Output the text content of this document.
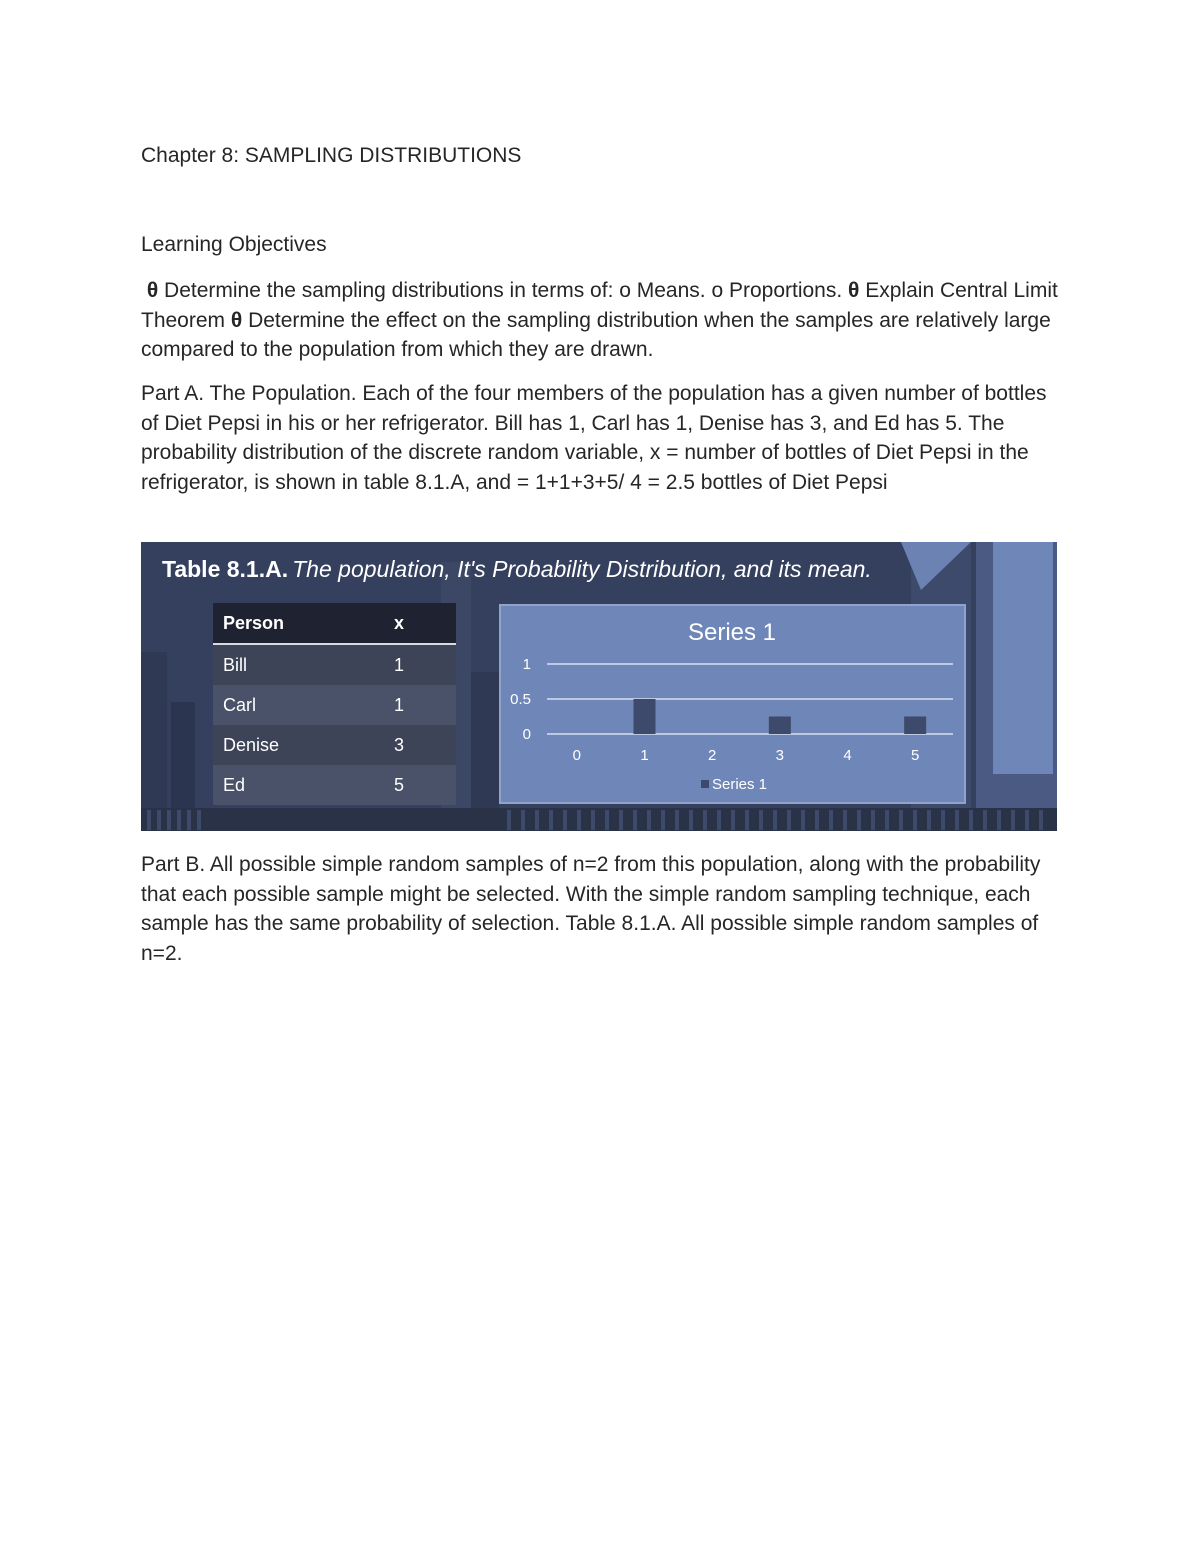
Chapter 8: SAMPLING DISTRIBUTIONS
Learning Objectives
θ Determine the sampling distributions in terms of: o Means. o Proportions. θ Explain Central Limit Theorem θ Determine the effect on the sampling distribution when the samples are relatively large compared to the population from which they are drawn.
Part A. The Population. Each of the four members of the population has a given number of bottles of Diet Pepsi in his or her refrigerator. Bill has 1, Carl has 1, Denise has 3, and Ed has 5. The probability distribution of the discrete random variable, x = number of bottles of Diet Pepsi in the refrigerator, is shown in table 8.1.A, and = 1+1+3+5/ 4 = 2.5 bottles of Diet Pepsi
Table 8.1.A. The population, It's Probability Distribution, and its mean.
Person	x
Bill	1
Carl	1
Denise	3
Ed	5
Series 1
1
0.5
0
0	1	2	3	4	5
Series 1
Part B. All possible simple random samples of n=2 from this population, along with the probability that each possible sample might be selected. With the simple random sampling technique, each sample has the same probability of selection. Table 8.1.A. All possible simple random samples of n=2.
